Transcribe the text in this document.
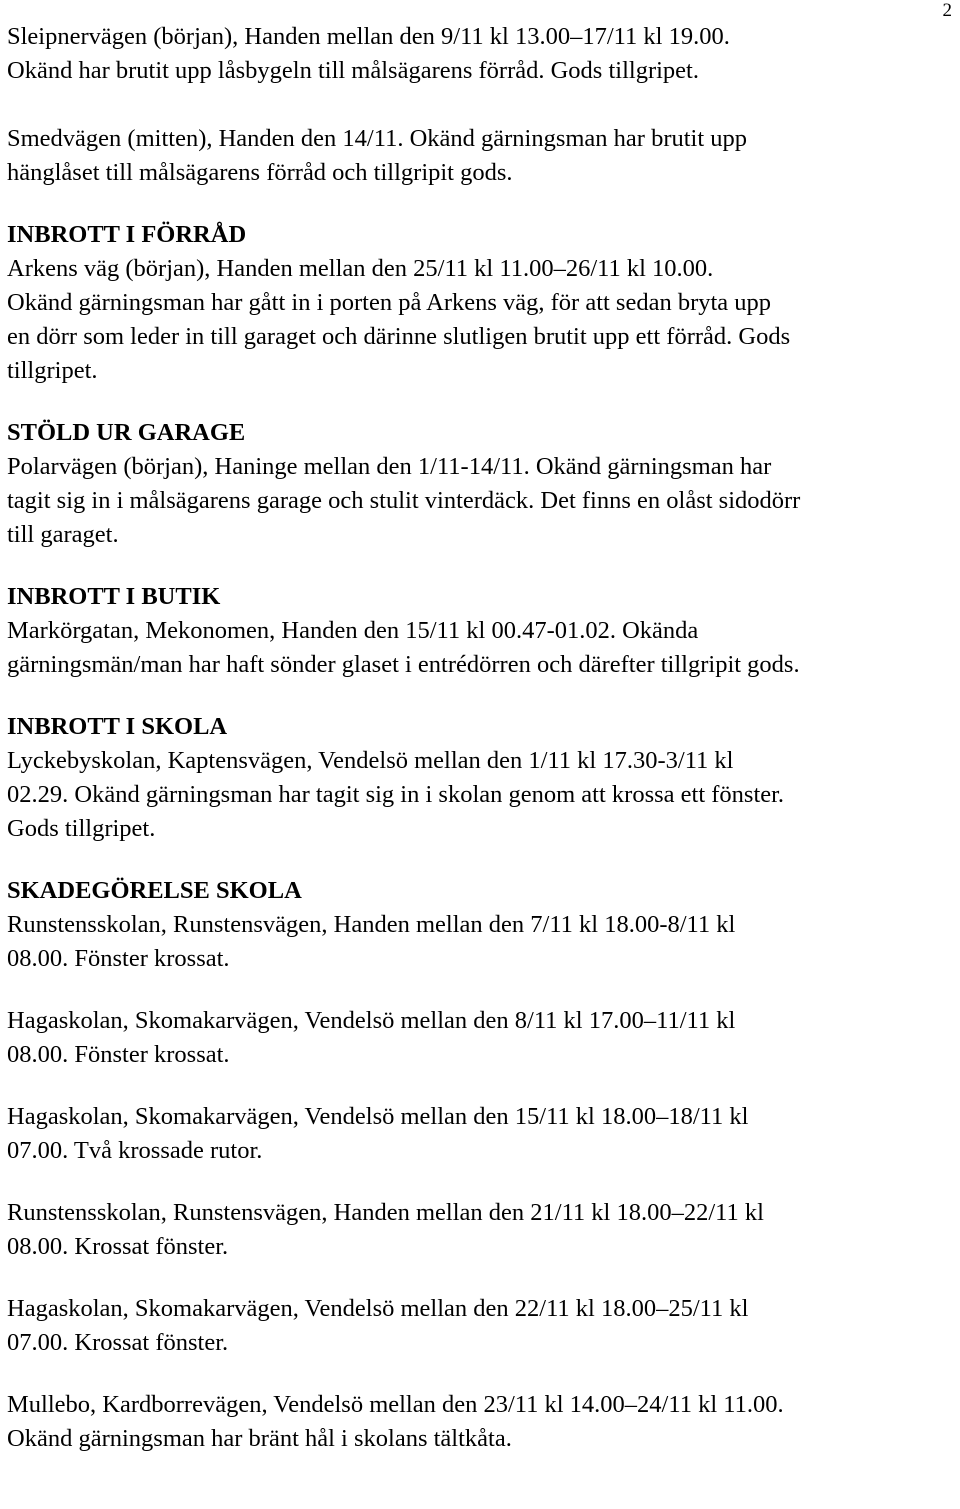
2
Sleipnervägen (början), Handen mellan den 9/11 kl 13.00–17/11 kl 19.00.
Okänd har brutit upp låsbygeln till målsägarens förråd. Gods tillgripet.
Smedvägen (mitten), Handen den 14/11. Okänd gärningsman har brutit upp
hänglåset till målsägarens förråd och tillgripit gods.
INBROTT I FÖRRÅD
Arkens väg (början), Handen mellan den 25/11 kl 11.00–26/11 kl 10.00.
Okänd gärningsman har gått in i porten på Arkens väg, för att sedan bryta upp
en dörr som leder in till garaget och därinne slutligen brutit upp ett förråd. Gods
tillgripet.
STÖLD UR GARAGE
Polarvägen (början), Haninge mellan den 1/11-14/11. Okänd gärningsman har
tagit sig in i målsägarens garage och stulit vinterdäck. Det finns en olåst sidodörr
till garaget.
INBROTT I BUTIK
Markörgatan, Mekonomen, Handen den 15/11 kl 00.47-01.02. Okända
gärningsmän/man har haft sönder glaset i entrédörren och därefter tillgripit gods.
INBROTT I SKOLA
Lyckebyskolan, Kaptensvägen, Vendelsö mellan den 1/11 kl 17.30-3/11 kl
02.29. Okänd gärningsman har tagit sig in i skolan genom att krossa ett fönster.
Gods tillgripet.
SKADEGÖRELSE SKOLA
Runstensskolan, Runstensvägen, Handen mellan den 7/11 kl 18.00-8/11 kl
08.00. Fönster krossat.
Hagaskolan, Skomakarvägen, Vendelsö mellan den 8/11 kl 17.00–11/11 kl
08.00. Fönster krossat.
Hagaskolan, Skomakarvägen, Vendelsö mellan den 15/11 kl 18.00–18/11 kl
07.00. Två krossade rutor.
Runstensskolan, Runstensvägen, Handen mellan den 21/11 kl 18.00–22/11 kl
08.00. Krossat fönster.
Hagaskolan, Skomakarvägen, Vendelsö mellan den 22/11 kl 18.00–25/11 kl
07.00. Krossat fönster.
Mullebo, Kardborrevägen, Vendelsö mellan den 23/11 kl 14.00–24/11 kl 11.00.
Okänd gärningsman har bränt hål i skolans tältkåta.
